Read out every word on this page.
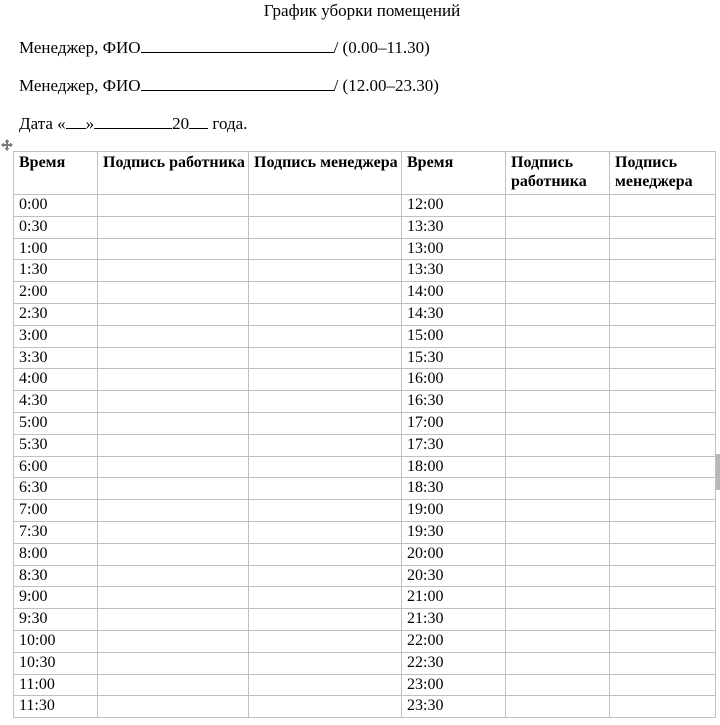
График уборки помещений
Менеджер, ФИО	/ (0.00–11.30)
Менеджер, ФИО	/ (12.00–23.30)
Дата « »	20 года.
Время	Подпись работника	Подпись менеджера	Время	Подпись работника	Подпись менеджера
0:00			12:00		
0:30			13:30		
1:00			13:00		
1:30			13:30		
2:00			14:00		
2:30			14:30		
3:00			15:00		
3:30			15:30		
4:00			16:00		
4:30			16:30		
5:00			17:00		
5:30			17:30		
6:00			18:00		
6:30			18:30		
7:00			19:00		
7:30			19:30		
8:00			20:00		
8:30			20:30		
9:00			21:00		
9:30			21:30		
10:00			22:00		
10:30			22:30		
11:00			23:00		
11:30			23:30		
